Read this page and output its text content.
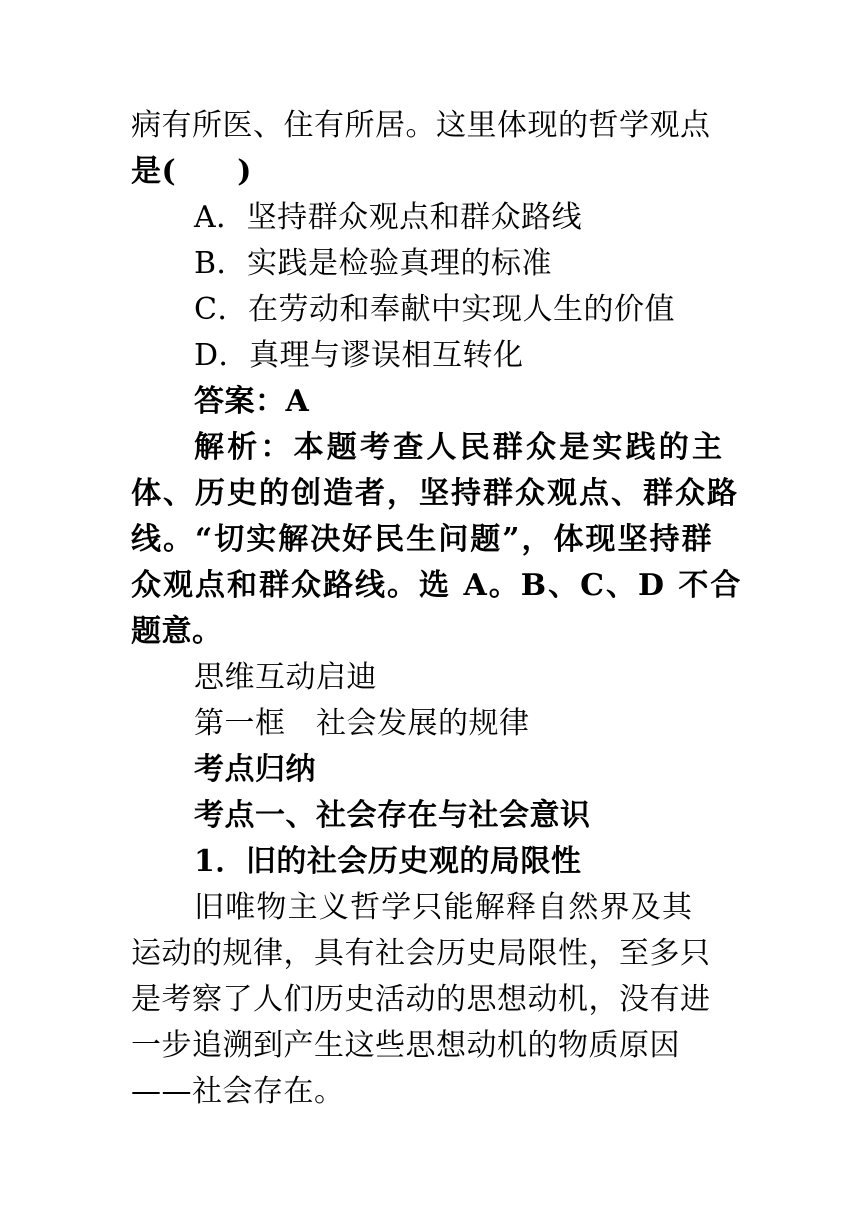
病有所医、住有所居。这里体现的哲学观点
是(　　)
A．坚持群众观点和群众路线
B．实践是检验真理的标准
C．在劳动和奉献中实现人生的价值
D．真理与谬误相互转化
答案：A
解析：本题考查人民群众是实践的主
体、历史的创造者，坚持群众观点、群众路
线。“切实解决好民生问题”，体现坚持群
众观点和群众路线。选 A。B、C、D 不合
题意。
思维互动启迪
第一框　社会发展的规律
考点归纳
考点一、社会存在与社会意识
1．旧的社会历史观的局限性
旧唯物主义哲学只能解释自然界及其
运动的规律，具有社会历史局限性，至多只
是考察了人们历史活动的思想动机，没有进
一步追溯到产生这些思想动机的物质原因
——社会存在。
